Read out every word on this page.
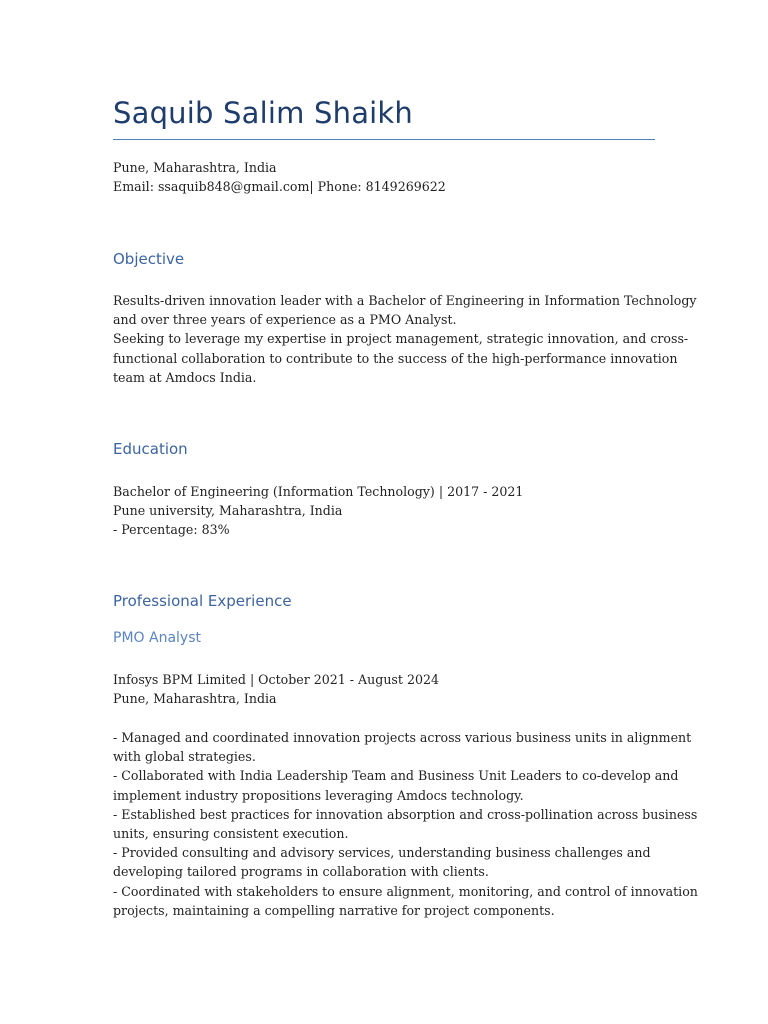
Saquib Salim Shaikh
Pune, Maharashtra, India
Email: ssaquib848@gmail.com| Phone: 8149269622
Objective
Results-driven innovation leader with a Bachelor of Engineering in Information Technology
and over three years of experience as a PMO Analyst.
Seeking to leverage my expertise in project management, strategic innovation, and cross-
functional collaboration to contribute to the success of the high-performance innovation
team at Amdocs India.
Education
Bachelor of Engineering (Information Technology) | 2017 - 2021
Pune university, Maharashtra, India
- Percentage: 83%
Professional Experience
PMO Analyst
Infosys BPM Limited | October 2021 - August 2024
Pune, Maharashtra, India
- Managed and coordinated innovation projects across various business units in alignment
with global strategies.
- Collaborated with India Leadership Team and Business Unit Leaders to co-develop and
implement industry propositions leveraging Amdocs technology.
- Established best practices for innovation absorption and cross-pollination across business
units, ensuring consistent execution.
- Provided consulting and advisory services, understanding business challenges and
developing tailored programs in collaboration with clients.
- Coordinated with stakeholders to ensure alignment, monitoring, and control of innovation
projects, maintaining a compelling narrative for project components.
